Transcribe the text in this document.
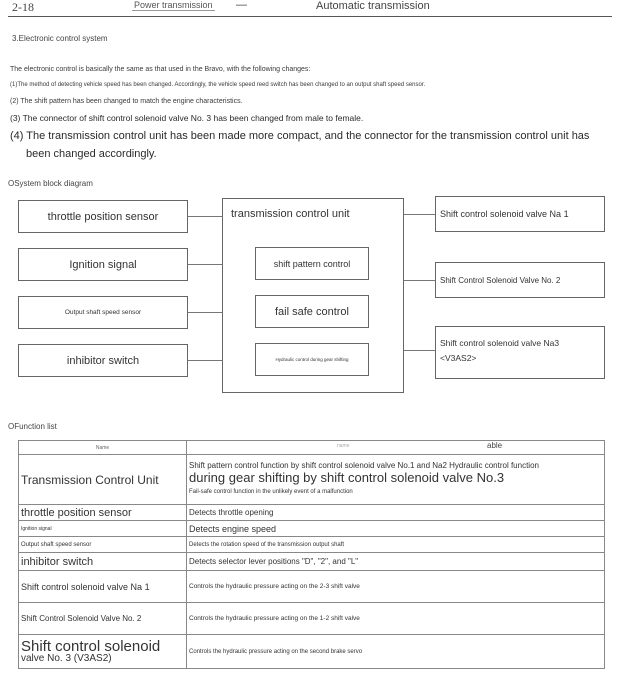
2-18	Power transmission —	Automatic transmission
3.Electronic control system
The electronic control is basically the same as that used in the Bravo, with the following changes:
(1)The method of detecting vehicle speed has been changed. Accordingly, the vehicle speed reed switch has been changed to an output shaft speed sensor.
(2) The shift pattern has been changed to match the engine characteristics.
(3) The connector of shift control solenoid valve No. 3 has been changed from male to female.
(4) The transmission control unit has been made more compact, and the connector for the transmission control unit has
been changed accordingly.
OSystem block diagram
throttle position sensor
Ignition signal
Output shaft speed sensor
inhibitor switch
transmission control unit
shift pattern control
fail safe control
Hydraulic control during gear shifting
Shift control solenoid valve Na 1
Shift Control Solenoid Valve No. 2
Shift control solenoid valve Na3
<V3AS2>
OFunction list
Name	name able

Transmission Control Unit	Shift pattern control function by shift control solenoid valve No.1 and Na2 Hydraulic control function
during gear shifting by shift control solenoid valve No.3
Fail-safe control function in the unlikely event of a malfunction

throttle position sensor	Detects throttle opening
Ignition signal	Detects engine speed
Output shaft speed sensor	Detects the rotation speed of the transmission output shaft
inhibitor switch	Detects selector lever positions "D", "2", and "L"
Shift control solenoid valve Na 1	Controls the hydraulic pressure acting on the 2-3 shift valve
Shift Control Solenoid Valve No. 2	Controls the hydraulic pressure acting on the 1-2 shift valve

Shift control solenoid
valve No. 3 (V3AS2)	Controls the hydraulic pressure acting on the second brake servo
